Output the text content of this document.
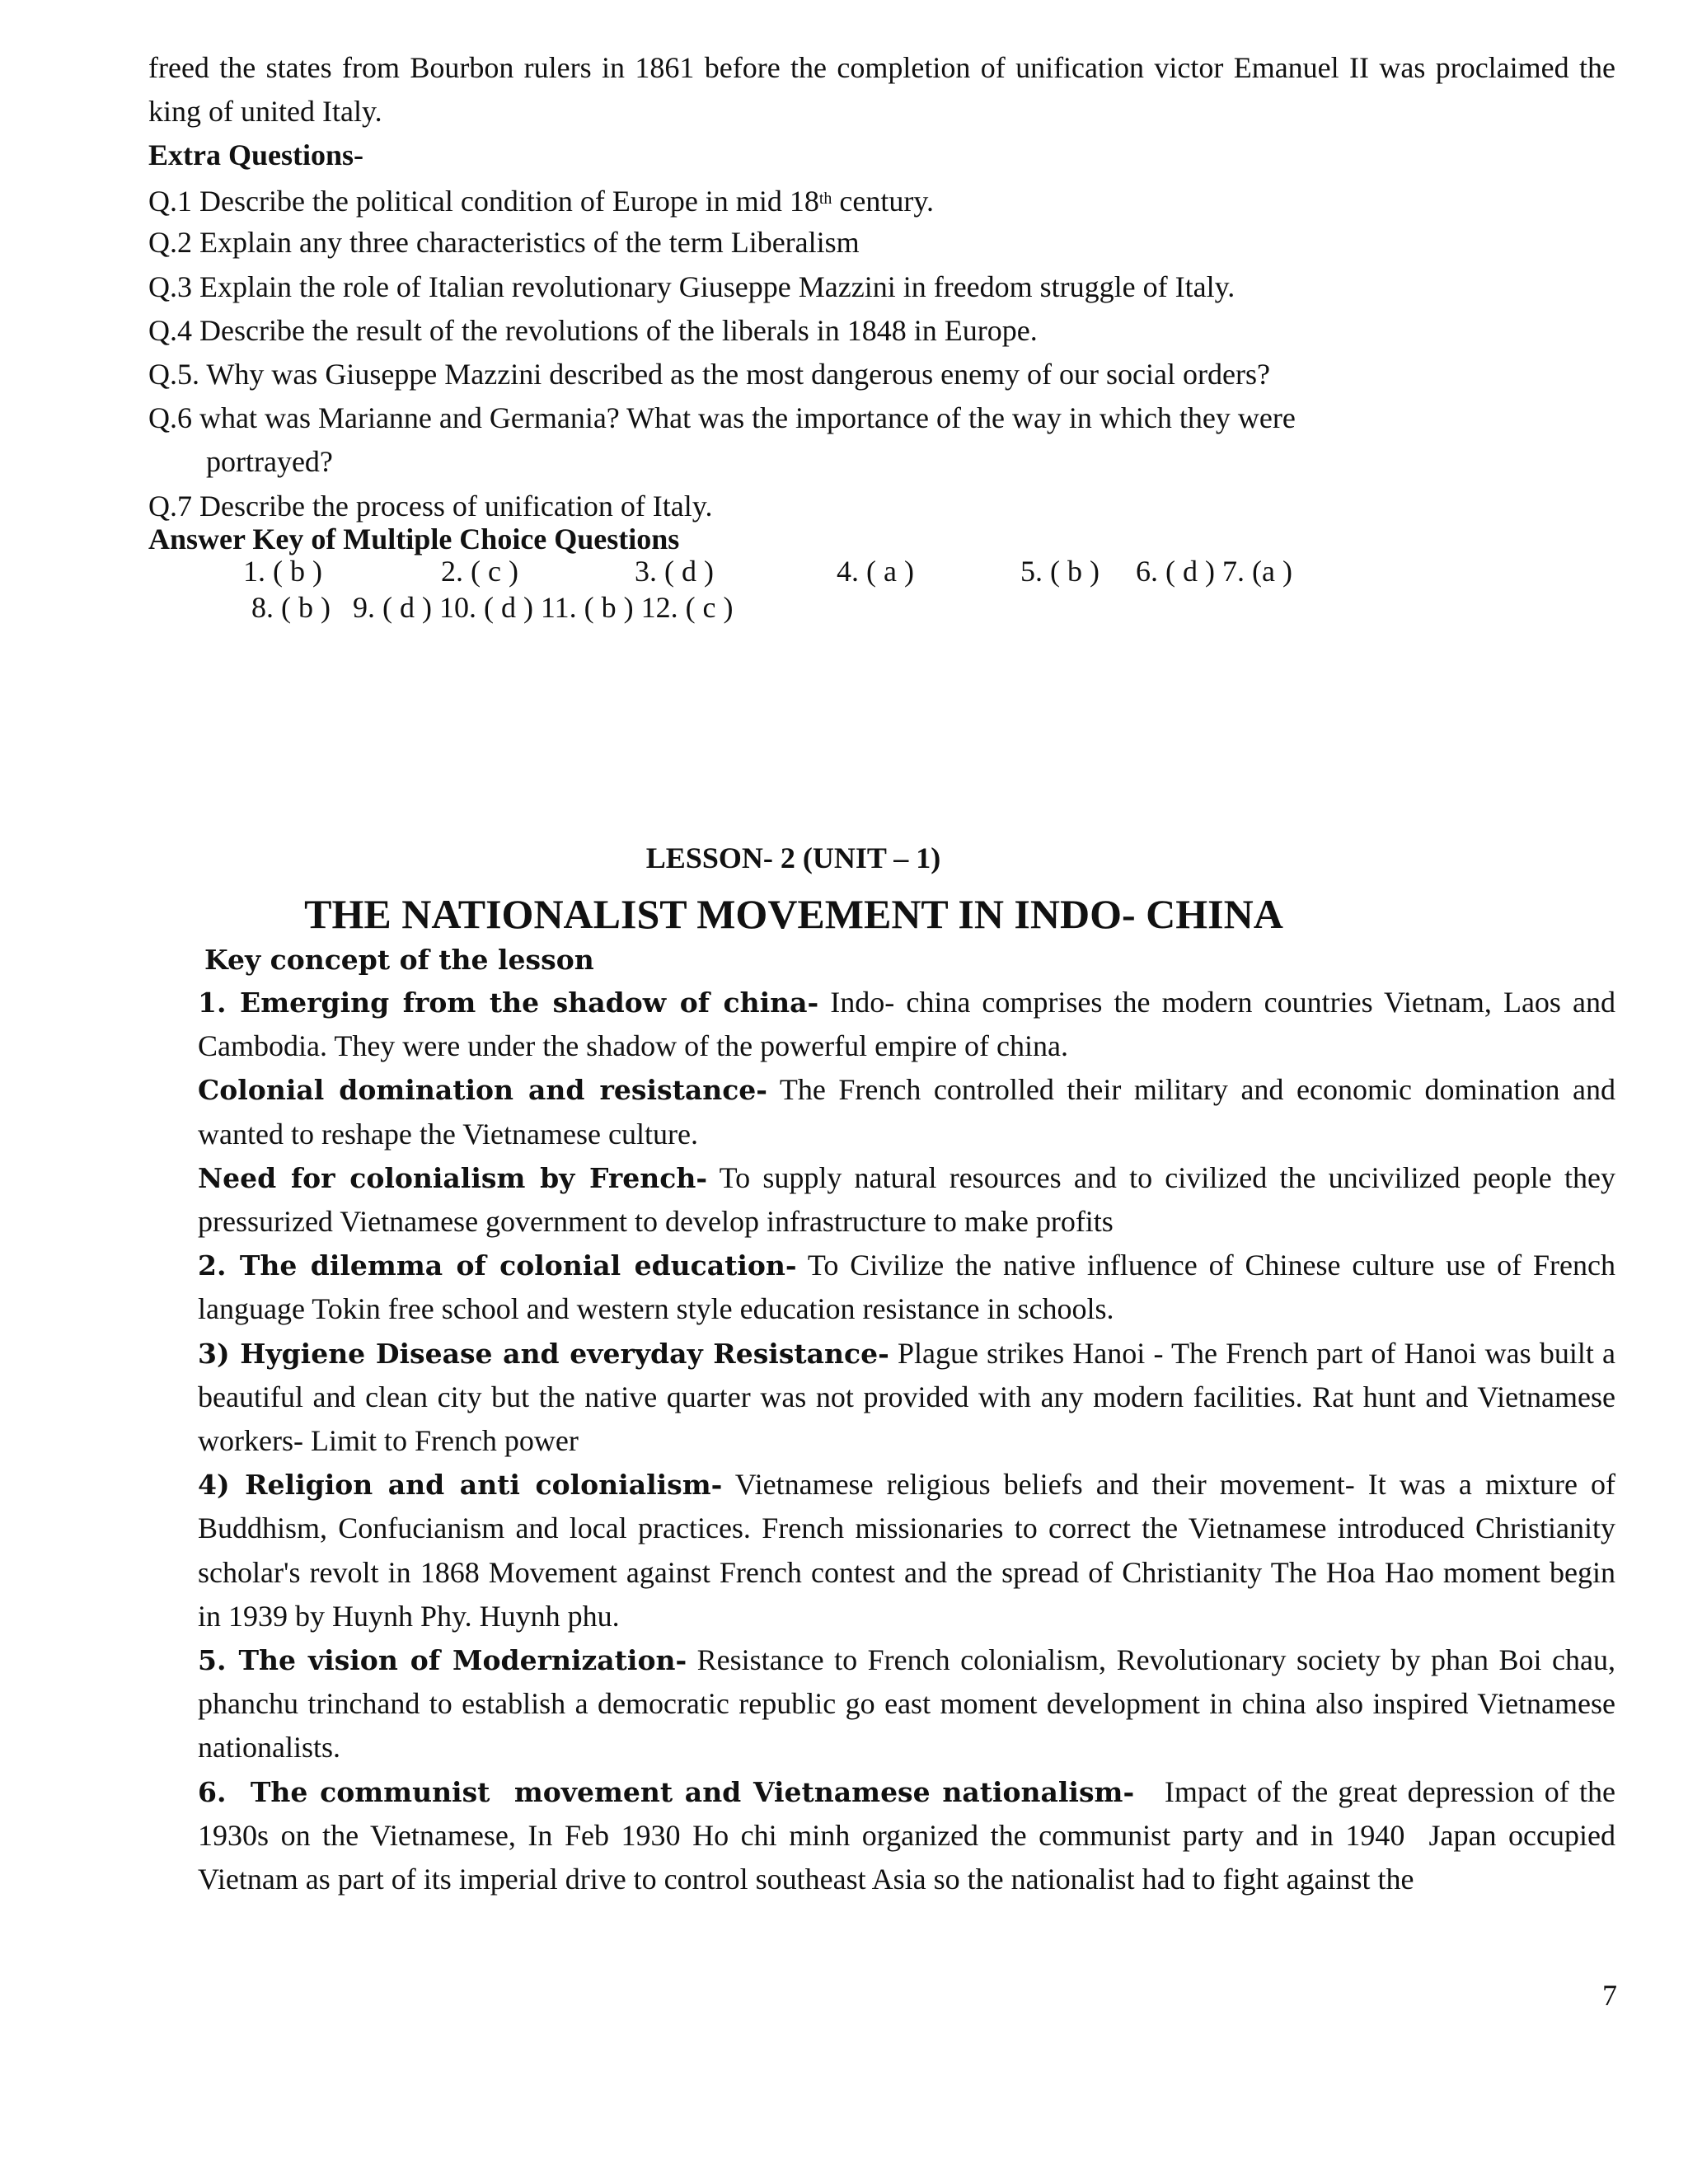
freed the states from Bourbon rulers in 1861 before the completion of unification victor Emanuel II was proclaimed the king of united Italy.
Extra Questions-
Q.1 Describe the political condition of Europe in mid 18th century.
Q.2 Explain any three characteristics of the term Liberalism
Q.3 Explain the role of Italian revolutionary Giuseppe Mazzini in freedom struggle of Italy.
Q.4 Describe the result of the revolutions of the liberals in 1848 in Europe.
Q.5. Why was Giuseppe Mazzini described as the most dangerous enemy of our social orders?
Q.6 what was Marianne and Germania? What was the importance of the way in which they were
portrayed?
Q.7 Describe the process of unification of Italy.
Answer Key of Multiple Choice Questions
1. ( b )	2. ( c )	3. ( d )	4. ( a )	5. ( b ) 6. ( d ) 7. (a )
8. ( b )   9. ( d ) 10. ( d ) 11. ( b ) 12. ( c )
LESSON- 2 (UNIT – 1)
THE NATIONALIST MOVEMENT IN INDO- CHINA
Key concept of the lesson

1. Emerging from the shadow of china- Indo- china comprises the modern countries Vietnam, Laos and Cambodia. They were under the shadow of the powerful empire of china.

Colonial domination and resistance- The French controlled their military and economic domination and wanted to reshape the Vietnamese culture.

Need for colonialism by French- To supply natural resources and to civilized the uncivilized people they pressurized Vietnamese government to develop infrastructure to make profits

2. The dilemma of colonial education- To Civilize the native influence of Chinese culture use of French language Tokin free school and western style education resistance in schools.

3) Hygiene Disease and everyday Resistance- Plague strikes Hanoi - The French part of Hanoi was built a beautiful and clean city but the native quarter was not provided with any modern facilities. Rat hunt and Vietnamese workers- Limit to French power

4) Religion and anti colonialism- Vietnamese religious beliefs and their movement- It was a mixture of Buddhism, Confucianism and local practices. French missionaries to correct the Vietnamese introduced Christianity scholar's revolt in 1868 Movement against French contest and the spread of Christianity The Hoa Hao moment begin in 1939 by Huynh Phy. Huynh phu.

5. The vision of Modernization- Resistance to French colonialism, Revolutionary society by phan Boi chau, phanchu trinchand to establish a democratic republic go east moment development in china also inspired Vietnamese nationalists.

6.  The communist  movement and Vietnamese nationalism-   Impact of the great depression of the 1930s on the Vietnamese, In Feb 1930 Ho chi minh organized the communist party and in 1940  Japan occupied Vietnam as part of its imperial drive to control southeast Asia so the nationalist had to fight against the

7
